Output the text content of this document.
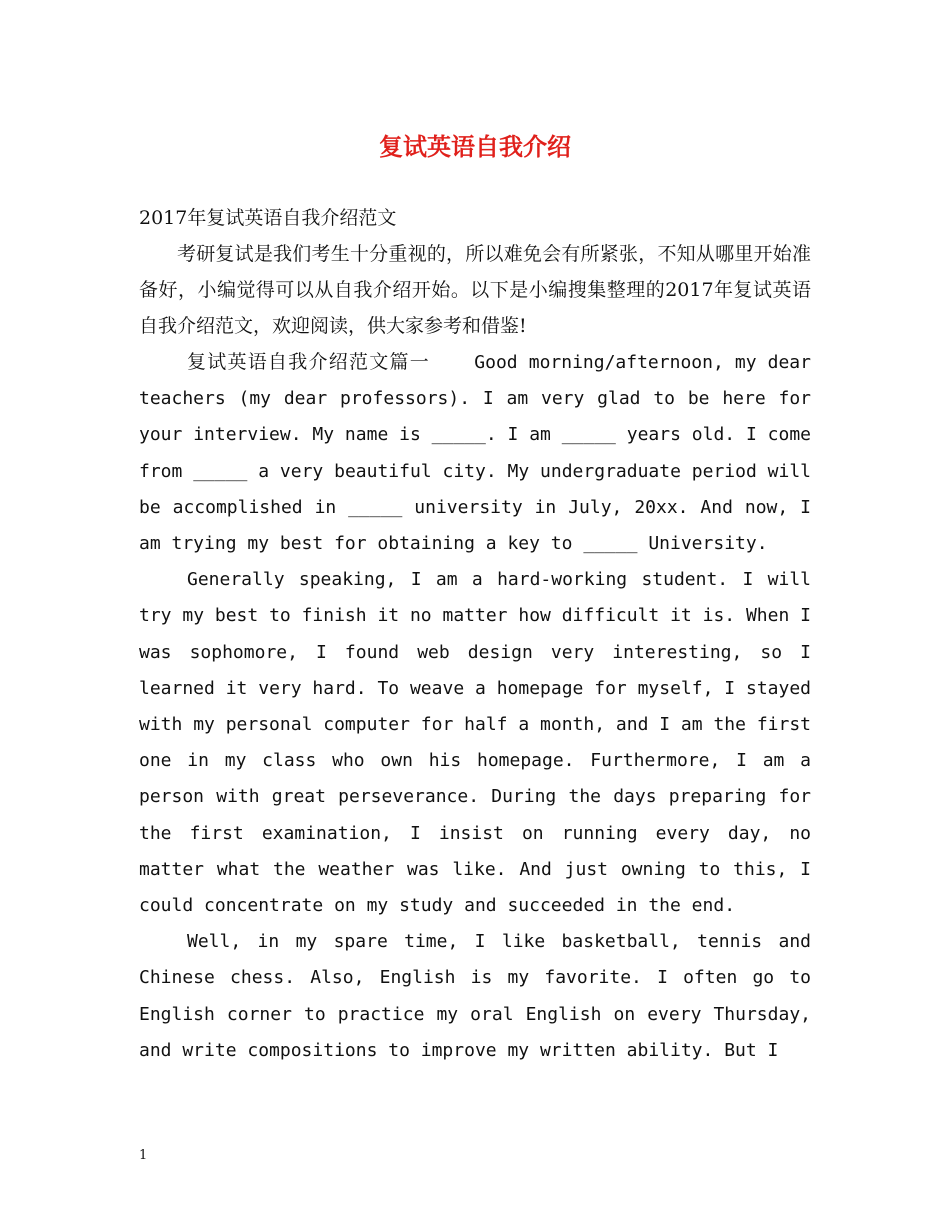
复试英语自我介绍

2017年复试英语自我介绍范文

考研复试是我们考生十分重视的，所以难免会有所紧张，不知从哪里开始准备好，小编觉得可以从自我介绍开始。以下是小编搜集整理的2017年复试英语自我介绍范文，欢迎阅读，供大家参考和借鉴!

复试英语自我介绍范文篇一 Good morning/afternoon, my dear teachers (my dear professors). I am very glad to be here for your interview. My name is _____. I am _____ years old. I come from _____ a very beautiful city. My undergraduate period will be accomplished in _____ university in July, 20xx. And now, I am trying my best for obtaining a key to _____ University.

Generally speaking, I am a hard-working student. I will try my best to finish it no matter how difficult it is. When I was sophomore, I found web design very interesting, so I learned it very hard. To weave a homepage for myself, I stayed with my personal computer for half a month, and I am the first one in my class who own his homepage. Furthermore, I am a person with great perseverance. During the days preparing for the first examination, I insist on running every day, no matter what the weather was like. And just owning to this, I could concentrate on my study and succeeded in the end.

Well, in my spare time, I like basketball, tennis and Chinese chess. Also, English is my favorite. I often go to English corner to practice my oral English on every Thursday, and write compositions to improve my written ability. But I

1
